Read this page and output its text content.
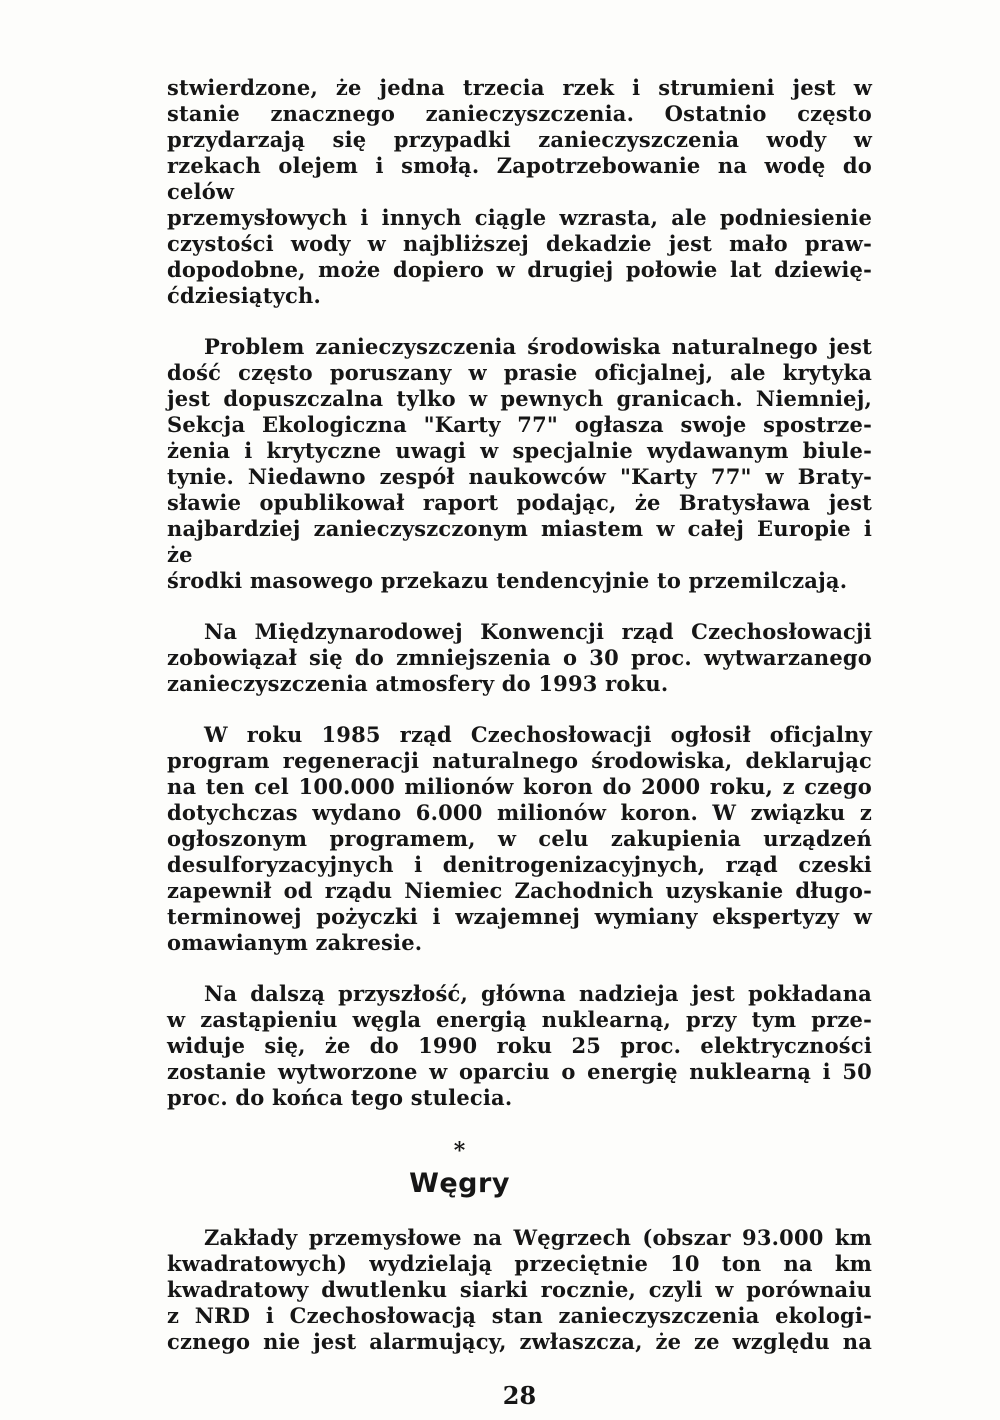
stwierdzone, że jedna trzecia rzek i strumieni jest w
stanie znacznego zanieczyszczenia. Ostatnio często
przydarzają się przypadki zanieczyszczenia wody w
rzekach olejem i smołą. Zapotrzebowanie na wodę do celów
przemysłowych i innych ciągle wzrasta, ale podniesienie
czystości wody w najbliższej dekadzie jest mało praw-
dopodobne, może dopiero w drugiej połowie lat dziewię-
ćdziesiątych.
Problem zanieczyszczenia środowiska naturalnego jest
dość często poruszany w prasie oficjalnej, ale krytyka
jest dopuszczalna tylko w pewnych granicach. Niemniej,
Sekcja Ekologiczna "Karty 77" ogłasza swoje spostrze-
żenia i krytyczne uwagi w specjalnie wydawanym biule-
tynie. Niedawno zespół naukowców "Karty 77" w Braty-
sławie opublikował raport podając, że Bratysława jest
najbardziej zanieczyszczonym miastem w całej Europie i że
środki masowego przekazu tendencyjnie to przemilczają.
Na Międzynarodowej Konwencji rząd Czechosłowacji
zobowiązał się do zmniejszenia o 30 proc. wytwarzanego
zanieczyszczenia atmosfery do 1993 roku.
W roku 1985 rząd Czechosłowacji ogłosił oficjalny
program regeneracji naturalnego środowiska, deklarując
na ten cel 100.000 milionów koron do 2000 roku, z czego
dotychczas wydano 6.000 milionów koron. W związku z
ogłoszonym programem, w celu zakupienia urządzeń
desulforyzacyjnych i denitrogenizacyjnych, rząd czeski
zapewnił od rządu Niemiec Zachodnich uzyskanie długo-
terminowej pożyczki i wzajemnej wymiany ekspertyzy w
omawianym zakresie.
Na dalszą przyszłość, główna nadzieja jest pokładana
w zastąpieniu węgla energią nuklearną, przy tym prze-
widuje się, że do 1990 roku 25 proc. elektryczności
zostanie wytworzone w oparciu o energię nuklearną i 50
proc. do końca tego stulecia.
*
Węgry
Zakłady przemysłowe na Węgrzech (obszar 93.000 km
kwadratowych) wydzielają przeciętnie 10 ton na km
kwadratowy dwutlenku siarki rocznie, czyli w porównaiu
z NRD i Czechosłowacją stan zanieczyszczenia ekologi-
cznego nie jest alarmujący, zwłaszcza, że ze względu na
28
